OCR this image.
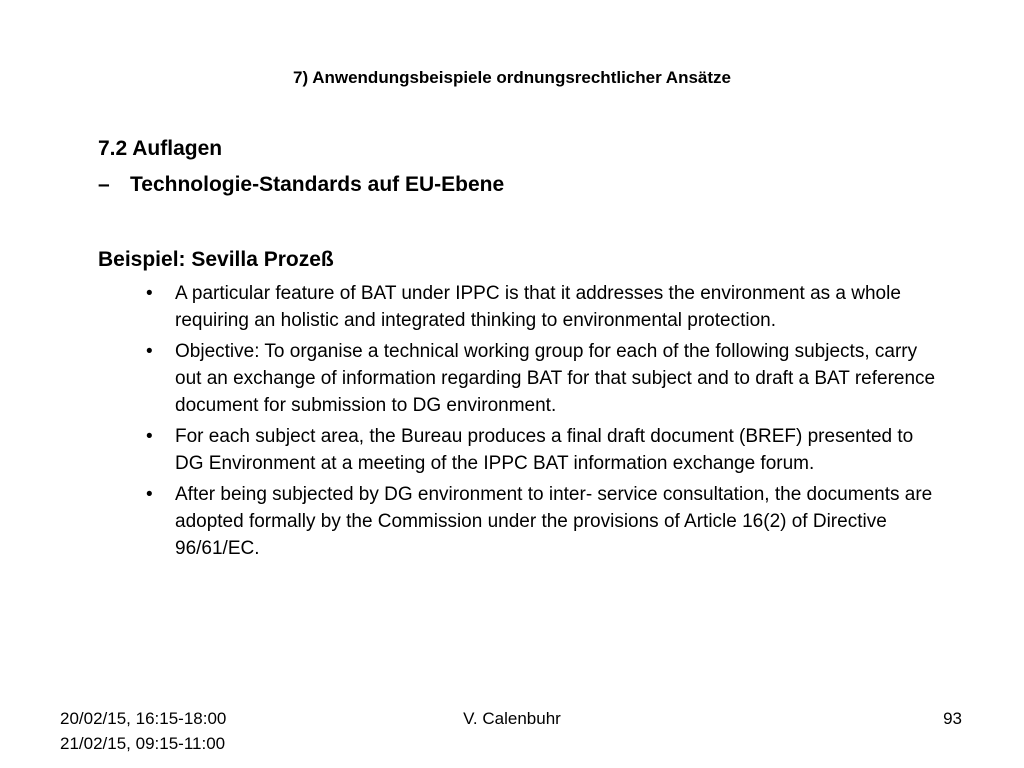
7) Anwendungsbeispiele ordnungsrechtlicher Ansätze
7.2 Auflagen
– Technologie-Standards auf EU-Ebene
Beispiel: Sevilla Prozeß
• A particular feature of BAT under IPPC is that it addresses the environment as a whole requiring an holistic and integrated thinking to environmental protection.
• Objective: To organise a technical working group for each of the following subjects, carry out an exchange of information regarding BAT for that subject and to draft a BAT reference document for submission to DG environment.
• For each subject area, the Bureau produces a final draft document (BREF) presented to DG Environment at a meeting of the IPPC BAT information exchange forum.
• After being subjected by DG environment to inter- service consultation, the documents are adopted formally by the Commission under the provisions of Article 16(2) of Directive 96/61/EC.
20/02/15, 16:15-18:00
21/02/15, 09:15-11:00
V. Calenbuhr	93
